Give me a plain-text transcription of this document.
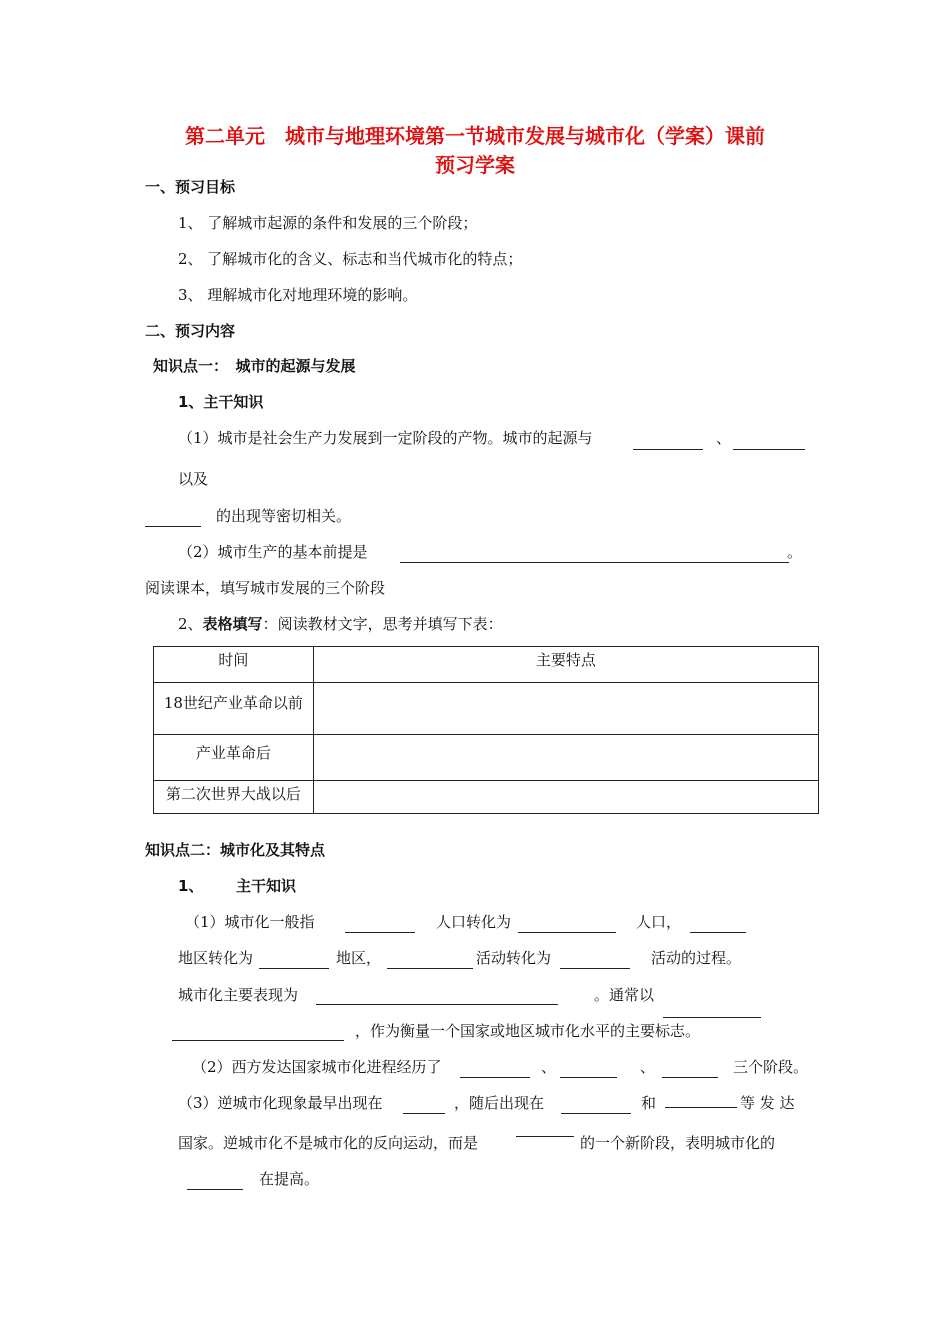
第二单元　城市与地理环境第一节城市发展与城市化（学案）课前
预习学案
一、预习目标
1、 了解城市起源的条件和发展的三个阶段；
2、 了解城市化的含义、标志和当代城市化的特点；
3、 理解城市化对地理环境的影响。
二、预习内容
知识点一：　城市的起源与发展
1、主干知识
（1）城市是社会生产力发展到一定阶段的产物。城市的起源与	、
以及
的出现等密切相关。
（2）城市生产的基本前提是	。
阅读课本，填写城市发展的三个阶段
2、表格填写：阅读教材文字，思考并填写下表：
时间	主要特点
18世纪产业革命以前	
产业革命后	
第二次世界大战以后	
知识点二：城市化及其特点
1、 主干知识
（1）城市化一般指	人口转化为	人口，
地区转化为	地区，	活动转化为	活动的过程。
城市化主要表现为	。通常以
，作为衡量一个国家或地区城市化水平的主要标志。
（2）西方发达国家城市化进程经历了	、	、	三个阶段。
（3）逆城市化现象最早出现在	，随后出现在	和	等 发 达
国家。逆城市化不是城市化的反向运动，而是	的一个新阶段，表明城市化的
在提高。
